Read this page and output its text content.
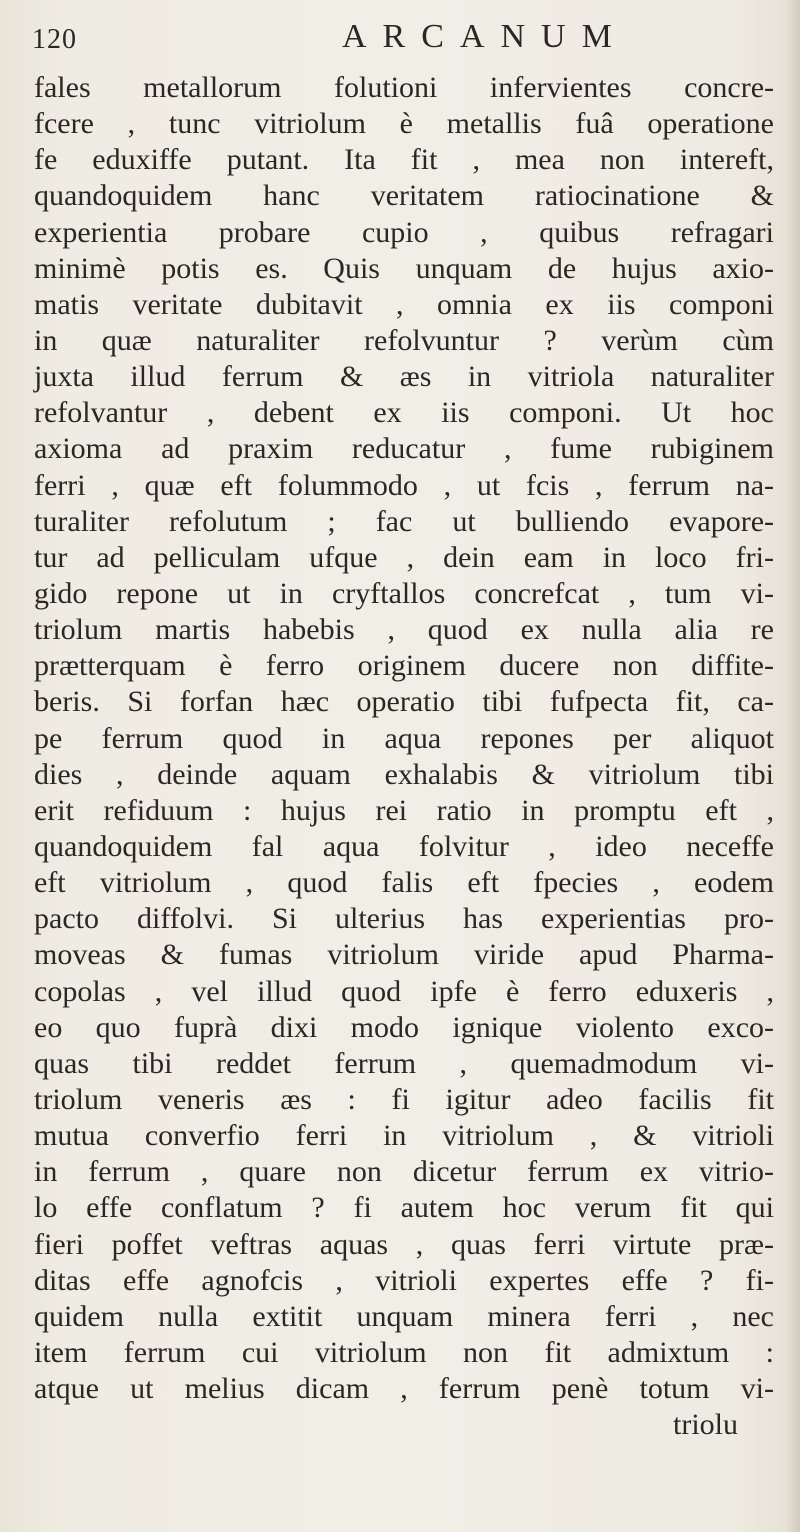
120	ARCANUM
fales metallorum folutioni infervientes concre-
fcere , tunc vitriolum è metallis fuâ operatione
fe eduxiffe putant. Ita fit , mea non intereft,
quandoquidem hanc veritatem ratiocinatione &
experientia probare cupio , quibus refragari
minimè potis es. Quis unquam de hujus axio-
matis veritate dubitavit , omnia ex iis componi
in quæ naturaliter refolvuntur ? verùm cùm
juxta illud ferrum & æs in vitriola naturaliter
refolvantur , debent ex iis componi. Ut hoc
axioma ad praxim reducatur , fume rubiginem
ferri , quæ eft folummodo , ut fcis , ferrum na-
turaliter refolutum ; fac ut bulliendo evapore-
tur ad pelliculam ufque , dein eam in loco fri-
gido repone ut in cryftallos concrefcat , tum vi-
triolum martis habebis , quod ex nulla alia re
prætterquam è ferro originem ducere non diffite-
beris. Si forfan hæc operatio tibi fufpecta fit, ca-
pe ferrum quod in aqua repones per aliquot
dies , deinde aquam exhalabis & vitriolum tibi
erit refiduum : hujus rei ratio in promptu eft ,
quandoquidem fal aqua folvitur , ideo neceffe
eft vitriolum , quod falis eft fpecies , eodem
pacto diffolvi. Si ulterius has experientias pro-
moveas & fumas vitriolum viride apud Pharma-
copolas , vel illud quod ipfe è ferro eduxeris ,
eo quo fuprà dixi modo ignique violento exco-
quas tibi reddet ferrum , quemadmodum vi-
triolum veneris æs : fi igitur adeo facilis fit
mutua converfio ferri in vitriolum , & vitrioli
in ferrum , quare non dicetur ferrum ex vitrio-
lo effe conflatum ? fi autem hoc verum fit qui
fieri poffet veftras aquas , quas ferri virtute præ-
ditas effe agnofcis , vitrioli expertes effe ? fi-
quidem nulla extitit unquam minera ferri , nec
item ferrum cui vitriolum non fit admixtum :
atque ut melius dicam , ferrum penè totum vi-
triolu
